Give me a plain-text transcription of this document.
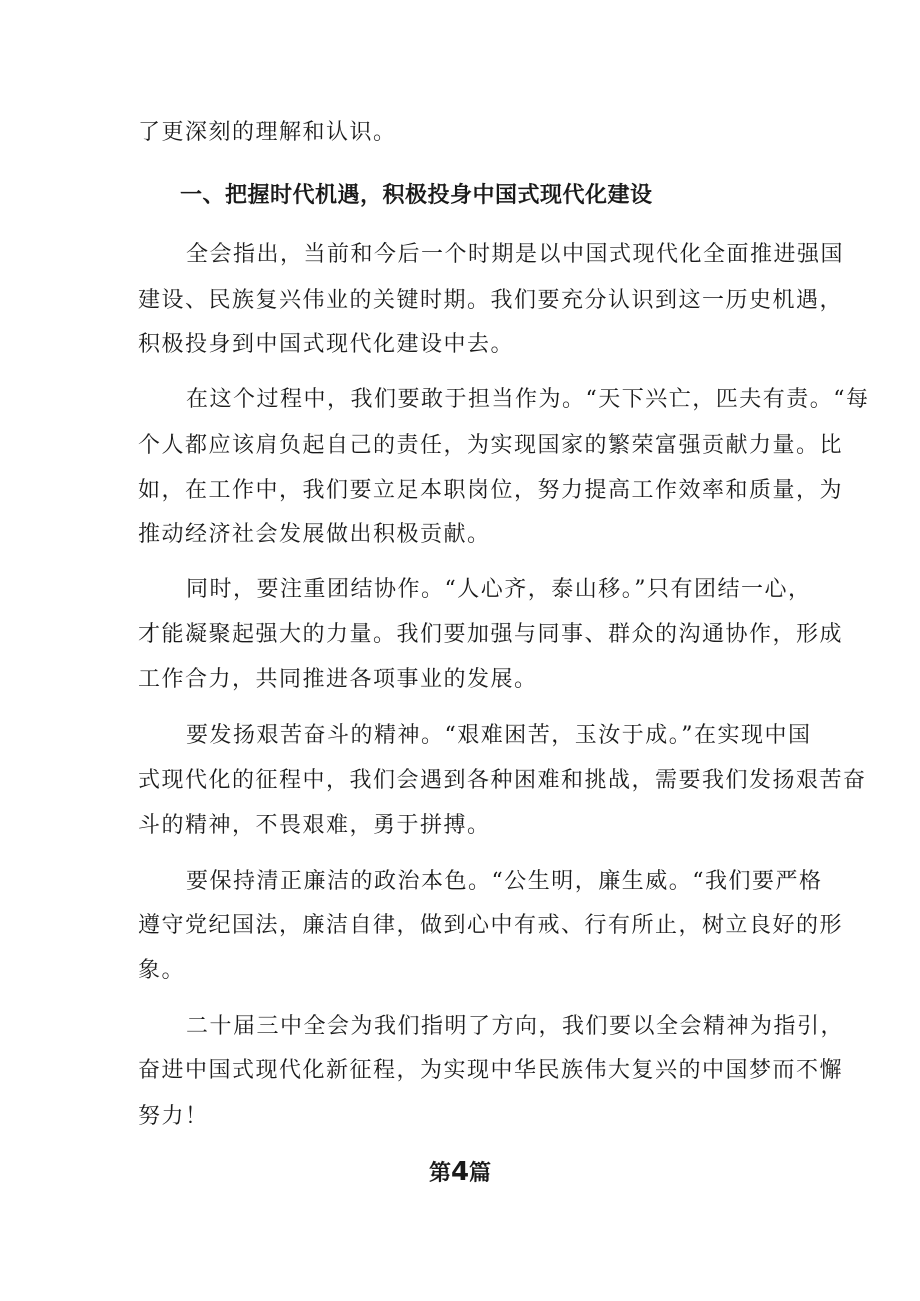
了更深刻的理解和认识。
一、把握时代机遇，积极投身中国式现代化建设
全会指出，当前和今后一个时期是以中国式现代化全面推进强国
建设、民族复兴伟业的关键时期。我们要充分认识到这一历史机遇，
积极投身到中国式现代化建设中去。
在这个过程中，我们要敢于担当作为。“天下兴亡，匹夫有责。“每
个人都应该肩负起自己的责任，为实现国家的繁荣富强贡献力量。比
如，在工作中，我们要立足本职岗位，努力提高工作效率和质量，为
推动经济社会发展做出积极贡献。
同时，要注重团结协作。“人心齐，泰山移。”只有团结一心，
才能凝聚起强大的力量。我们要加强与同事、群众的沟通协作，形成
工作合力，共同推进各项事业的发展。
要发扬艰苦奋斗的精神。“艰难困苦，玉汝于成。”在实现中国
式现代化的征程中，我们会遇到各种困难和挑战，需要我们发扬艰苦奋
斗的精神，不畏艰难，勇于拼搏。
要保持清正廉洁的政治本色。“公生明，廉生威。“我们要严格
遵守党纪国法，廉洁自律，做到心中有戒、行有所止，树立良好的形
象。
二十届三中全会为我们指明了方向，我们要以全会精神为指引，
奋进中国式现代化新征程，为实现中华民族伟大复兴的中国梦而不懈
努力！
第4篇
